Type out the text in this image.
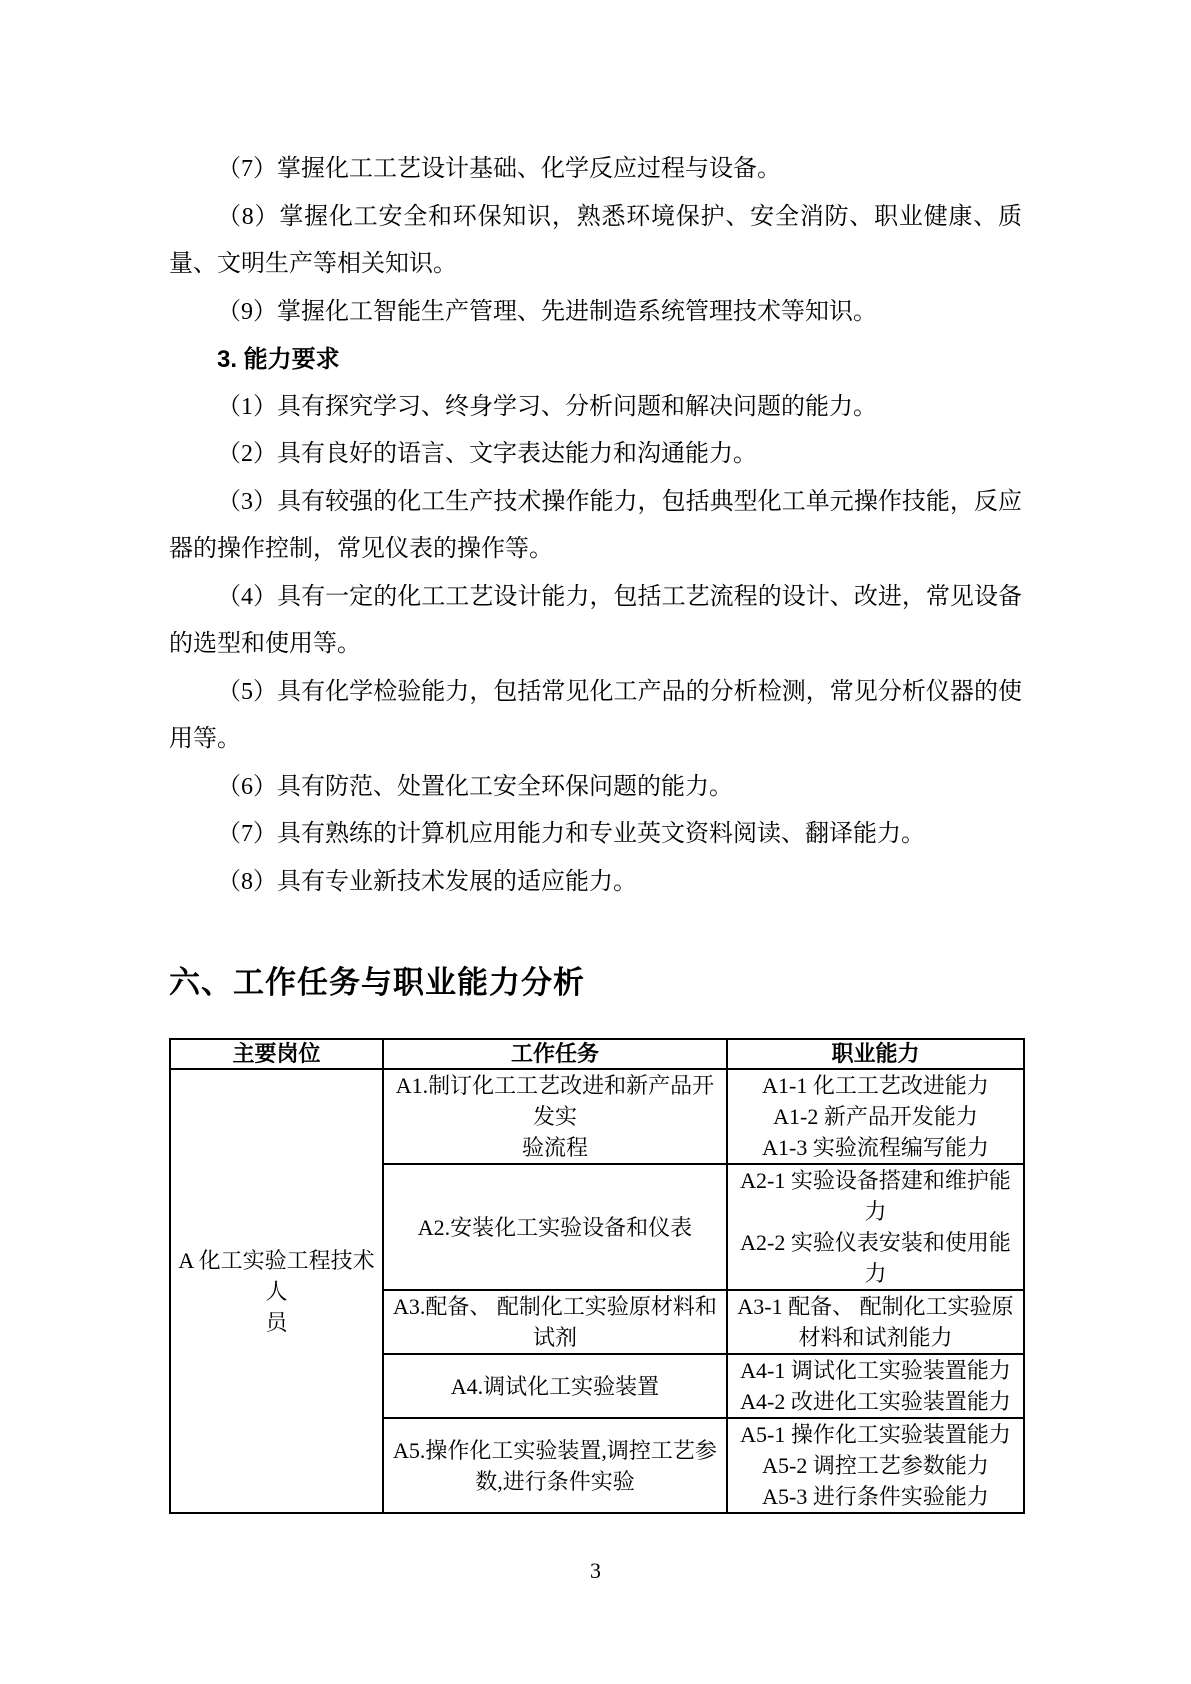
（7）掌握化工工艺设计基础、化学反应过程与设备。

（8）掌握化工安全和环保知识，熟悉环境保护、安全消防、职业健康、质量、文明生产等相关知识。

（9）掌握化工智能生产管理、先进制造系统管理技术等知识。

3. 能力要求

（1）具有探究学习、终身学习、分析问题和解决问题的能力。

（2）具有良好的语言、文字表达能力和沟通能力。

（3）具有较强的化工生产技术操作能力，包括典型化工单元操作技能，反应器的操作控制，常见仪表的操作等。

（4）具有一定的化工工艺设计能力，包括工艺流程的设计、改进，常见设备的选型和使用等。

（5）具有化学检验能力，包括常见化工产品的分析检测，常见分析仪器的使用等。

（6）具有防范、处置化工安全环保问题的能力。

（7）具有熟练的计算机应用能力和专业英文资料阅读、翻译能力。

（8）具有专业新技术发展的适应能力。

六、工作任务与职业能力分析
主要岗位	工作任务	职业能力

A 化工实验工程技术人
员	A1.制订化工工艺改进和新产品开
发实
验流程	A1-1 化工工艺改进能力
A1-2 新产品开发能力
A1-3 实验流程编写能力

	A2.安装化工实验设备和仪表	A2-1 实验设备搭建和维护能
力
A2-2 实验仪表安装和使用能
力

	A3.配备、 配制化工实验原材料和
试剂	A3-1 配备、 配制化工实验原
材料和试剂能力

	A4.调试化工实验装置	A4-1 调试化工实验装置能力
A4-2 改进化工实验装置能力

	A5.操作化工实验装置,调控工艺参
数,进行条件实验	A5-1 操作化工实验装置能力
A5-2 调控工艺参数能力
A5-3 进行条件实验能力
3
